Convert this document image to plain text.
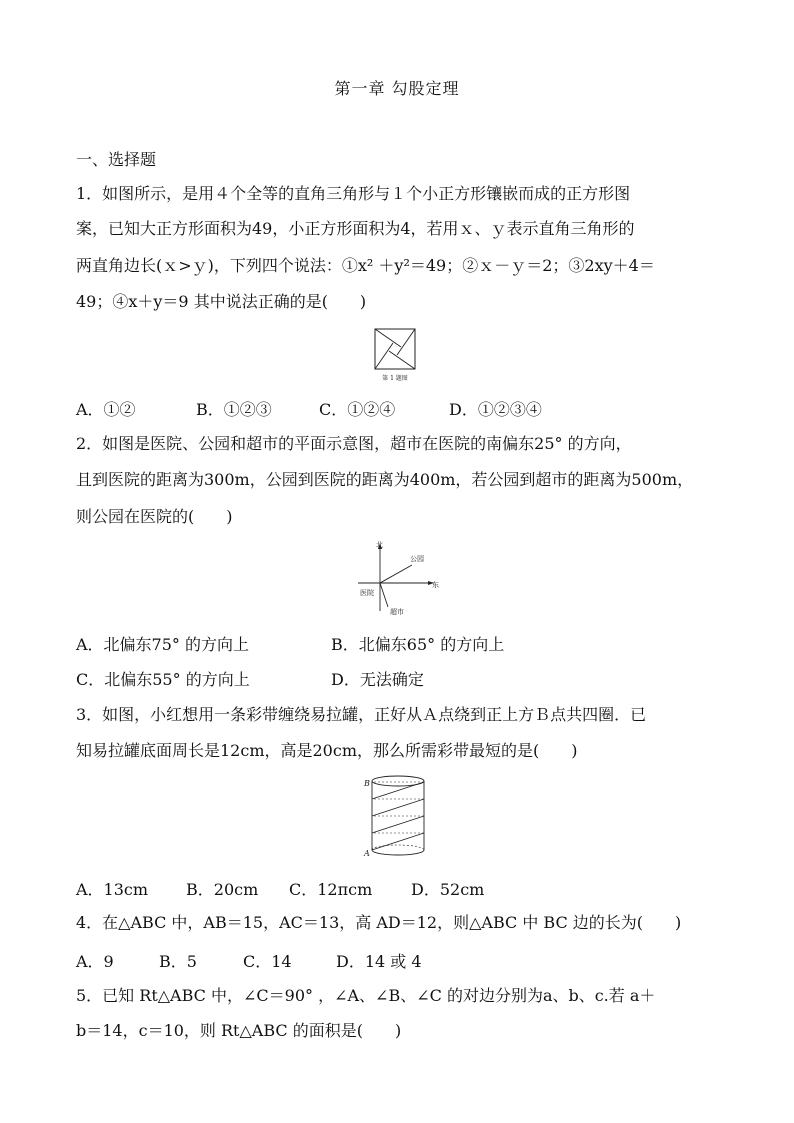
第一章 勾股定理
一、选择题
1．如图所示，是用４个全等的直角三角形与１个小正方形镶嵌而成的正方形图
案，已知大正方形面积为49，小正方形面积为4，若用ｘ、ｙ表示直角三角形的
两直角边长(ｘ>ｙ)，下列四个说法：①x² ＋y²＝49；②ｘ－ｙ＝2；③2xy＋4＝
49；④x＋y＝9 其中说法正确的是(　　)
第 1 题图
A．①②	B．①②③	C．①②④	D．①②③④
2．如图是医院、公园和超市的平面示意图，超市在医院的南偏东25° 的方向，
且到医院的距离为300m，公园到医院的距离为400m，若公园到超市的距离为500m，
则公园在医院的(　　)
北
东
公园
医院
超市
A．北偏东75° 的方向上	B．北偏东65° 的方向上
C．北偏东55° 的方向上	D．无法确定
3．如图，小红想用一条彩带缠绕易拉罐，正好从Ａ点绕到正上方Ｂ点共四圈．已
知易拉罐底面周长是12cm，高是20cm，那么所需彩带最短的是(　　)
B
A
A．13cm B．20cm C．12πcm D．52cm
4．在△ABC 中，AB＝15，AC＝13，高 AD＝12，则△ABC 中 BC 边的长为(　　)
A．9	B．5	C．14	D．14 或 4
5．已知 Rt△ABC 中，∠C＝90° ，∠A、∠B、∠C 的对边分别为a、b、c.若 a＋
b＝14，c＝10，则 Rt△ABC 的面积是(　　)
